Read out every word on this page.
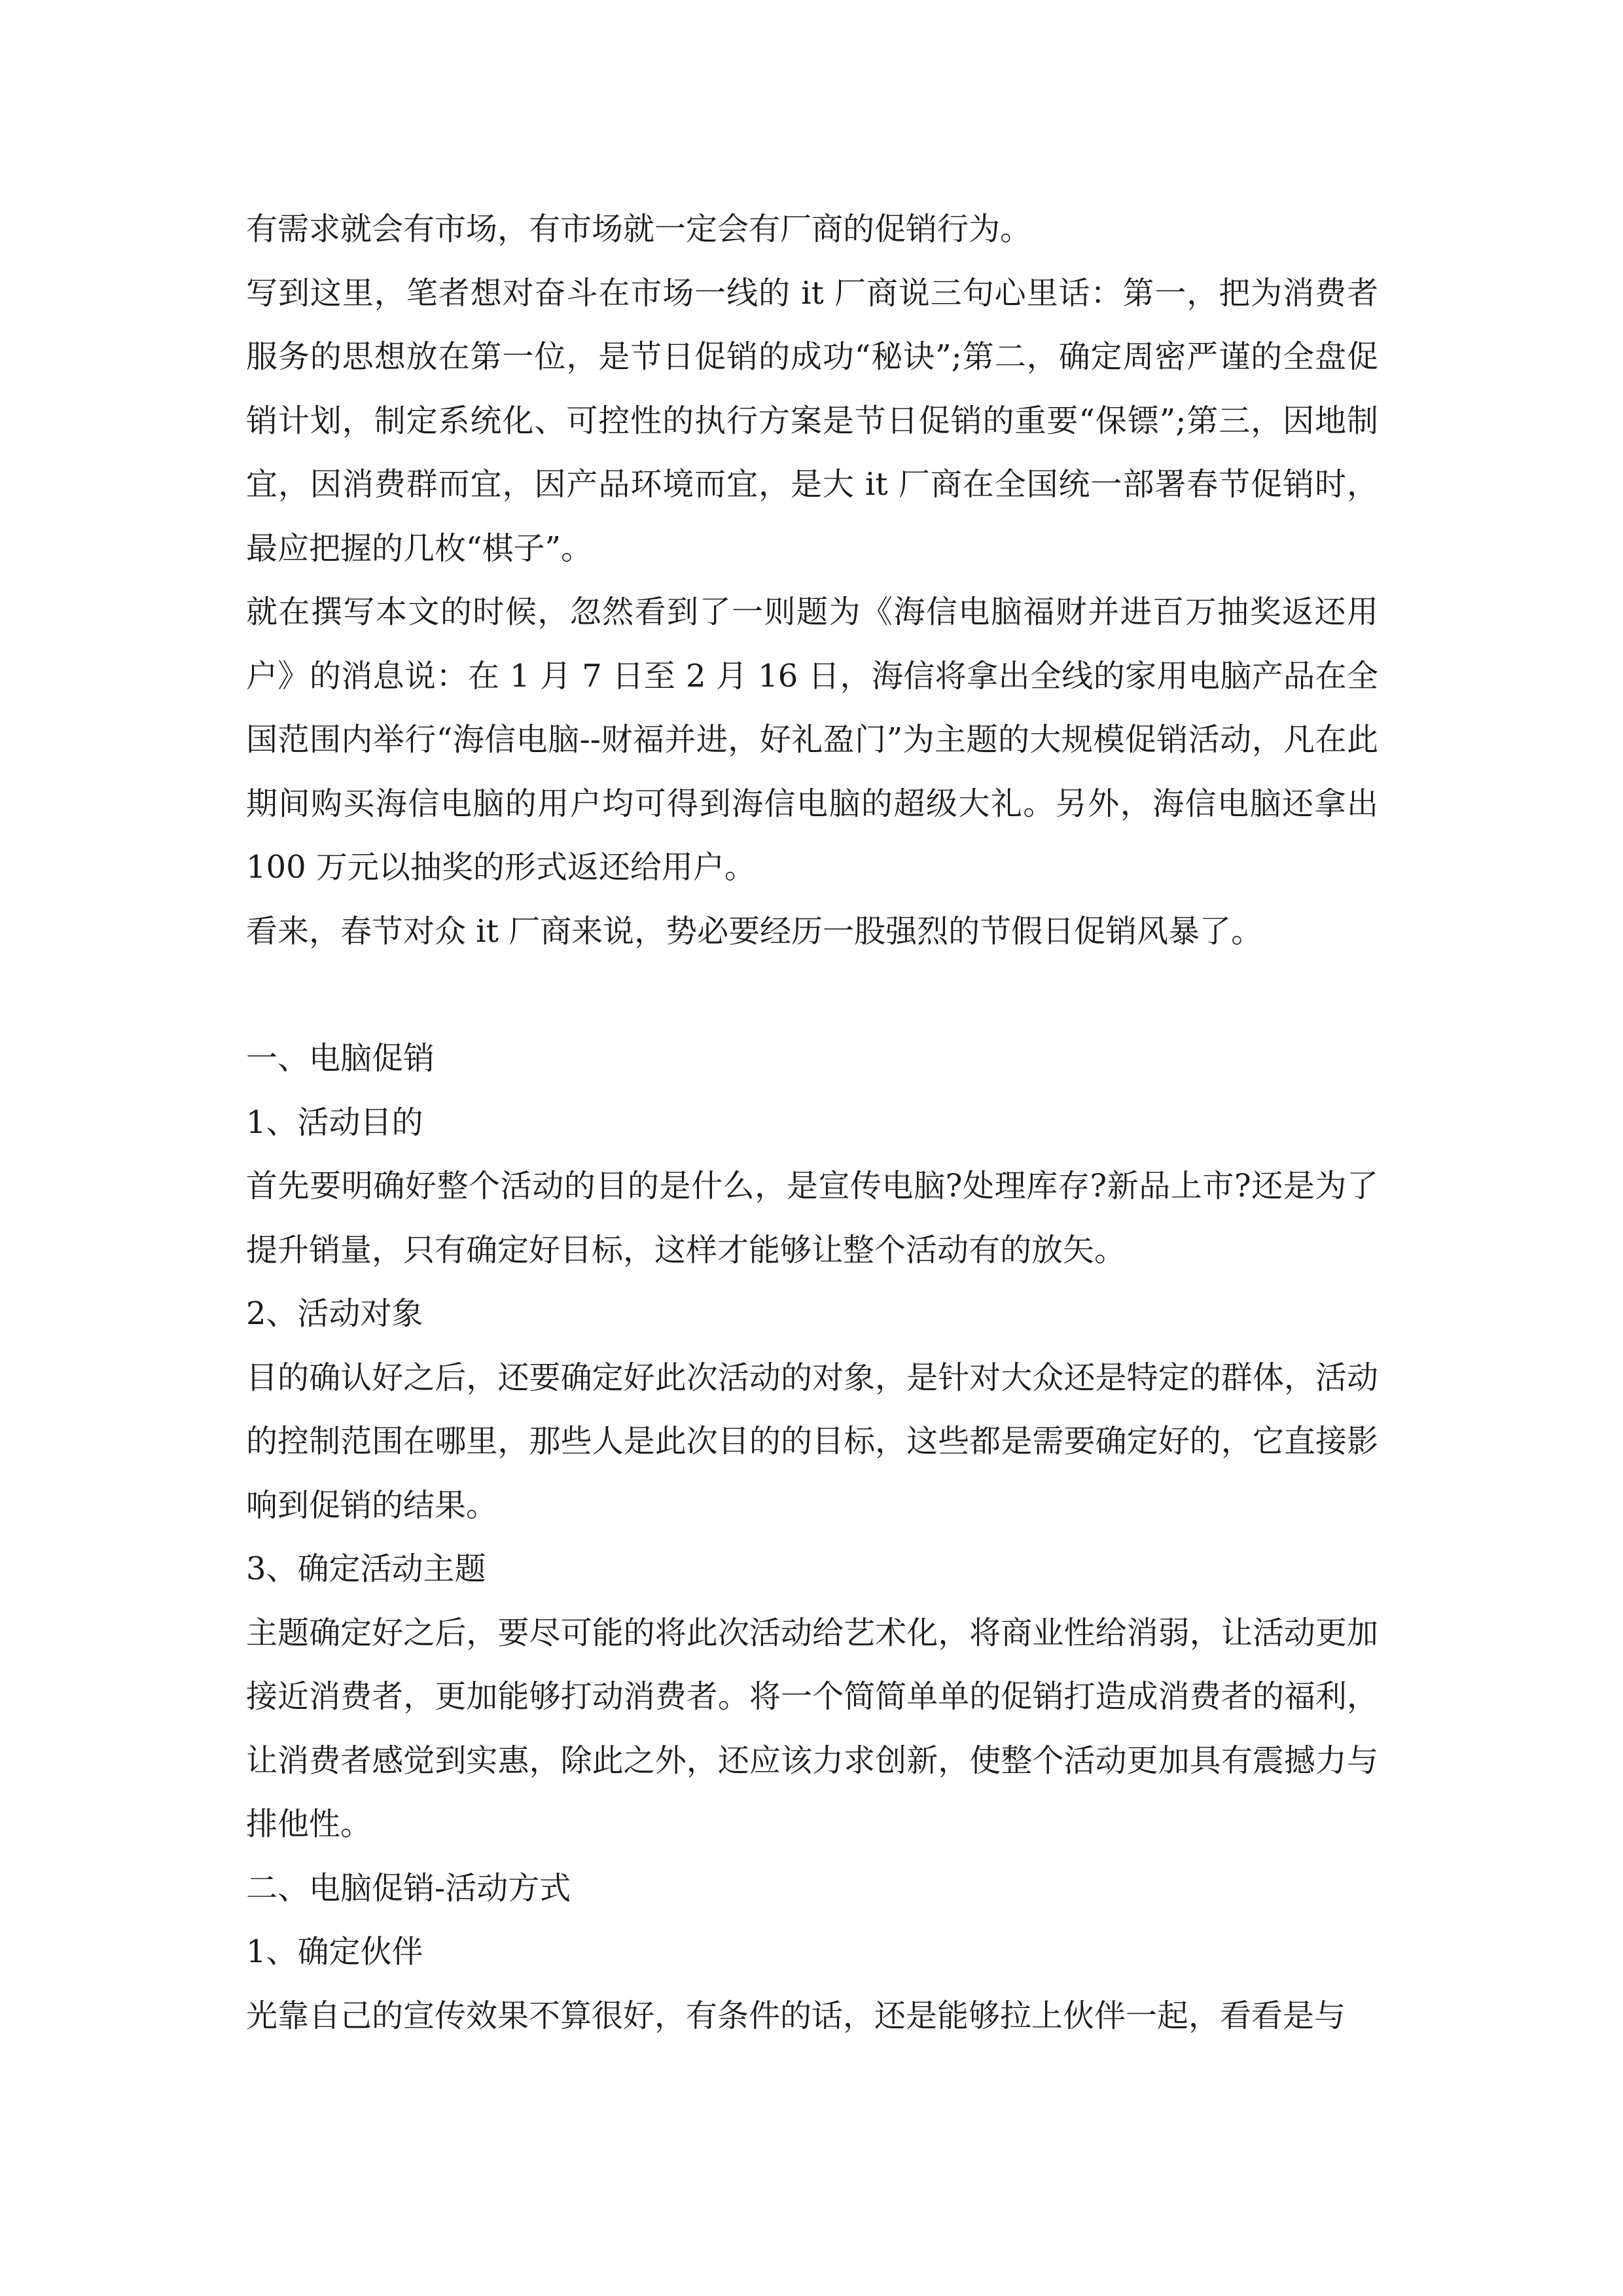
有需求就会有市场，有市场就一定会有厂商的促销行为。

写到这里，笔者想对奋斗在市场一线的 it 厂商说三句心里话：第一，把为消费者服务的思想放在第一位，是节日促销的成功“秘诀”;第二，确定周密严谨的全盘促销计划，制定系统化、可控性的执行方案是节日促销的重要“保镖”;第三，因地制宜，因消费群而宜，因产品环境而宜，是大 it 厂商在全国统一部署春节促销时，最应把握的几枚“棋子”。

就在撰写本文的时候，忽然看到了一则题为《海信电脑福财并进百万抽奖返还用户》的消息说：在 1 月 7 日至 2 月 16 日，海信将拿出全线的家用电脑产品在全国范围内举行“海信电脑--财福并进，好礼盈门”为主题的大规模促销活动，凡在此期间购买海信电脑的用户均可得到海信电脑的超级大礼。另外，海信电脑还拿出 100 万元以抽奖的形式返还给用户。

看来，春节对众 it 厂商来说，势必要经历一股强烈的节假日促销风暴了。

一、电脑促销

1、活动目的

首先要明确好整个活动的目的是什么，是宣传电脑?处理库存?新品上市?还是为了提升销量，只有确定好目标，这样才能够让整个活动有的放矢。

2、活动对象

目的确认好之后，还要确定好此次活动的对象，是针对大众还是特定的群体，活动的控制范围在哪里，那些人是此次目的的目标，这些都是需要确定好的，它直接影响到促销的结果。

3、确定活动主题

主题确定好之后，要尽可能的将此次活动给艺术化，将商业性给消弱，让活动更加接近消费者，更加能够打动消费者。将一个简简单单的促销打造成消费者的福利，让消费者感觉到实惠，除此之外，还应该力求创新，使整个活动更加具有震撼力与排他性。

二、电脑促销-活动方式

1、确定伙伴

光靠自己的宣传效果不算很好，有条件的话，还是能够拉上伙伴一起，看看是与
